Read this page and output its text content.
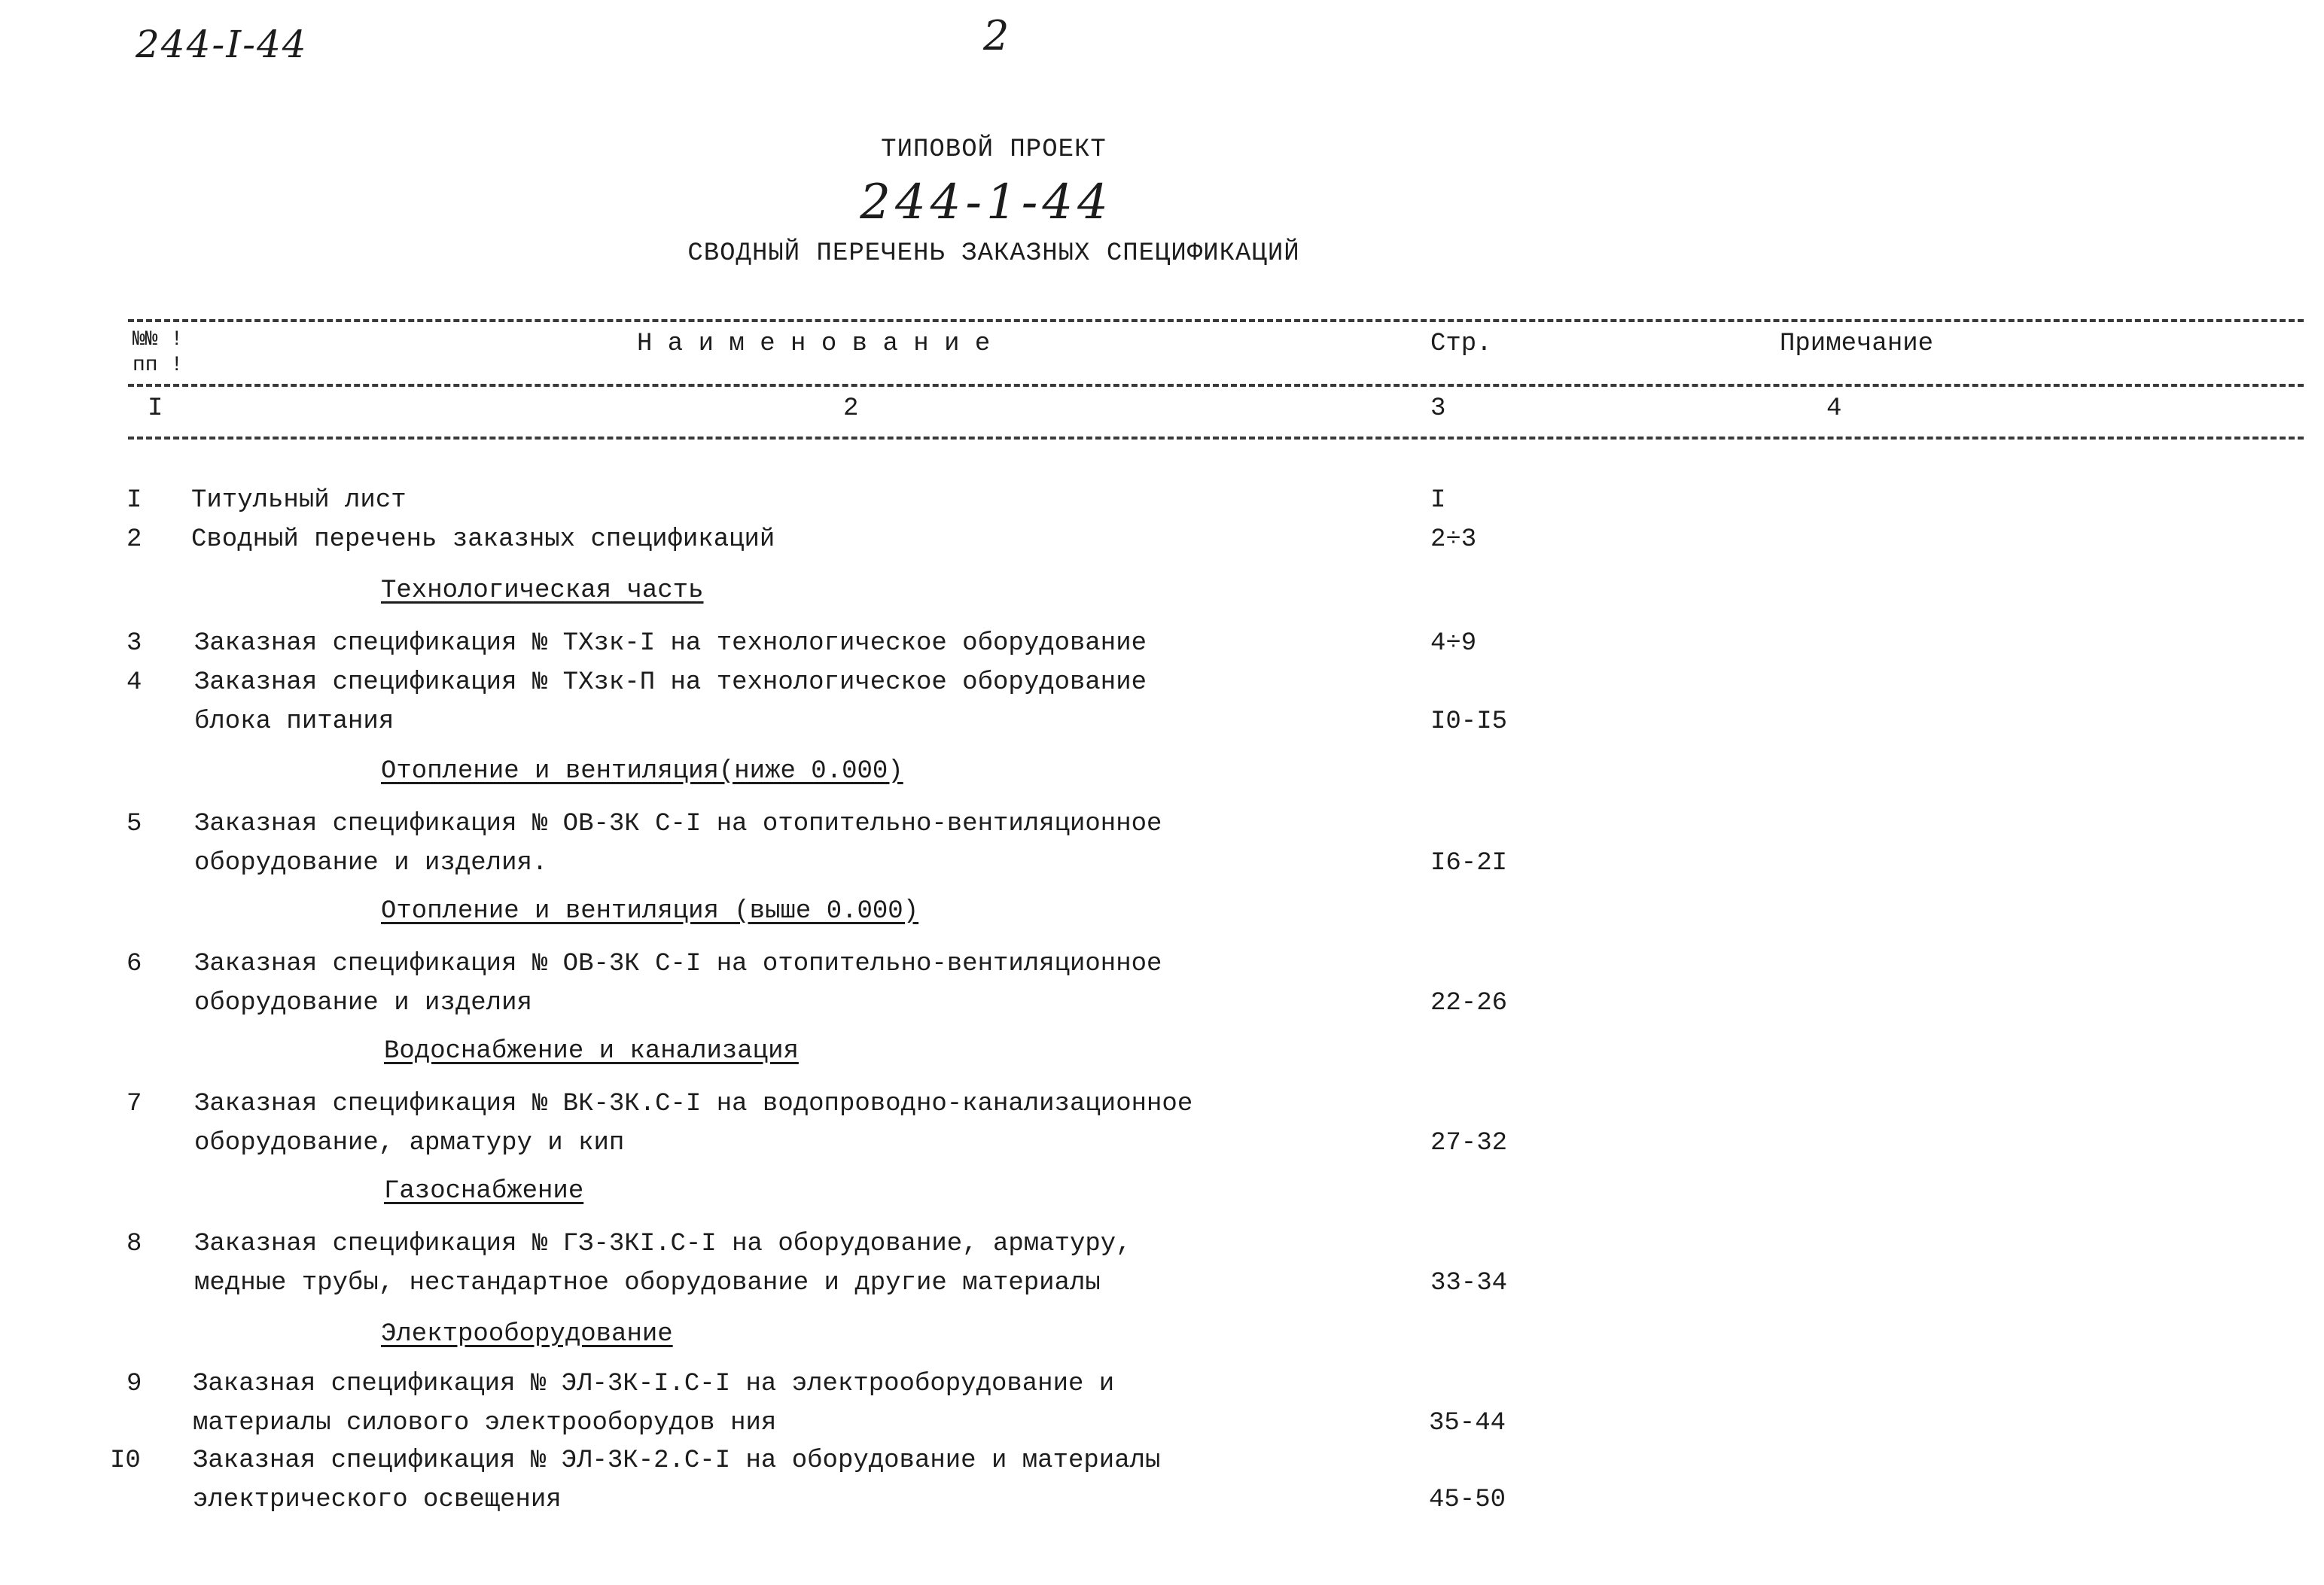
244-I-44	2
ТИПОВОЙ ПРОЕКТ
244-1-44
СВОДНЫЙ ПЕРЕЧЕНЬ ЗАКАЗНЫХ СПЕЦИФИКАЦИЙ
№№ !
пп !
Н а и м е н о в а н и е	Стр.	Примечание
I	2	3	4
I Титульный лист	I
2 Сводный перечень заказных спецификаций	2÷3
Технологическая часть
3 Заказная спецификация № ТХзк-I на технологическое оборудование	4÷9
4 Заказная спецификация № ТХзк-П на технологическое оборудование
блока питания	I0-I5
Отопление и вентиляция(ниже 0.000)
5 Заказная спецификация № ОВ-3К С-I на отопительно-вентиляционное
оборудование и изделия.	I6-2I
Отопление и вентиляция (выше 0.000)
6 Заказная спецификация № ОВ-3К С-I на отопительно-вентиляционное
оборудование и изделия	22-26
Водоснабжение и канализация
7 Заказная спецификация № ВК-3К.С-I на водопроводно-канализационное
оборудование, арматуру и кип	27-32
Газоснабжение
8 Заказная спецификация № ГЗ-3КI.С-I на оборудование, арматуру,
медные трубы, нестандартное оборудование и другие материалы	33-34
Электрооборудование
9 Заказная спецификация № ЭЛ-3К-I.С-I на электрооборудование и
материалы силового электрооборудов ния	35-44
I0 Заказная спецификация № ЭЛ-3К-2.С-I на оборудование и материалы
электрического освещения	45-50
